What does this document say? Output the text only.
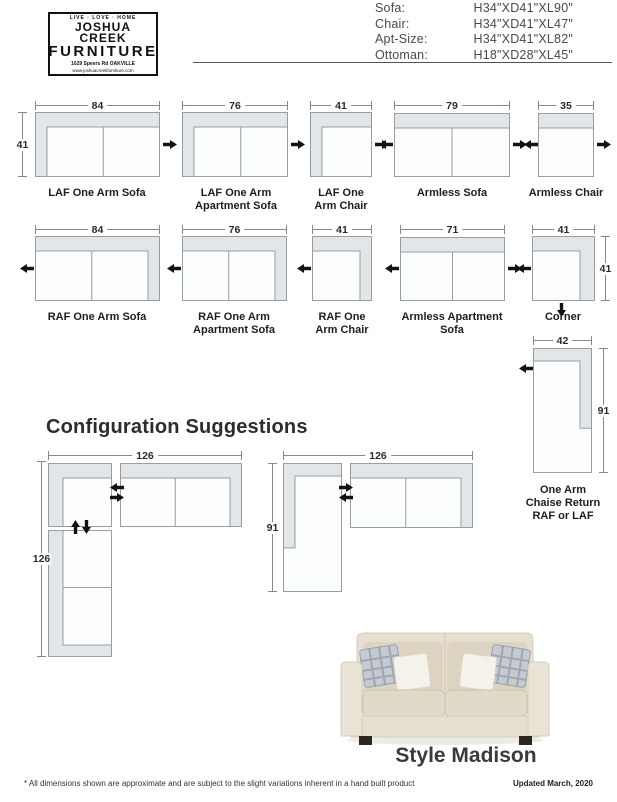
LIVE · LOVE · HOME
JOSHUA CREEK
FURNITURE
1029 Speers Rd OAKVILLE
www.joshuacreekfurniture.com
Sofa:	H34"XD41"XL90"
Chair:	H34"XD41"XL47"
Apt-Size:	H34"XD41"XL82"
Ottoman:	H18"XD28"XL45"
84	76	41	79	35
41
84	76	41	71	41
41
42
91
126
126
126
91
LAF One Arm Sofa	LAF One Arm
Apartment Sofa
LAF One
Arm Chair
Armless Sofa	Armless Chair
RAF One Arm Sofa	RAF One Arm
Apartment Sofa
RAF One
Arm Chair
Armless Apartment
Sofa
Corner
One Arm
Chaise Return
RAF or LAF
Configuration Suggestions
Style Madison
* All dimensions shown are approximate and are subject to the slight variations inherent in a hand built product	Updated March, 2020
